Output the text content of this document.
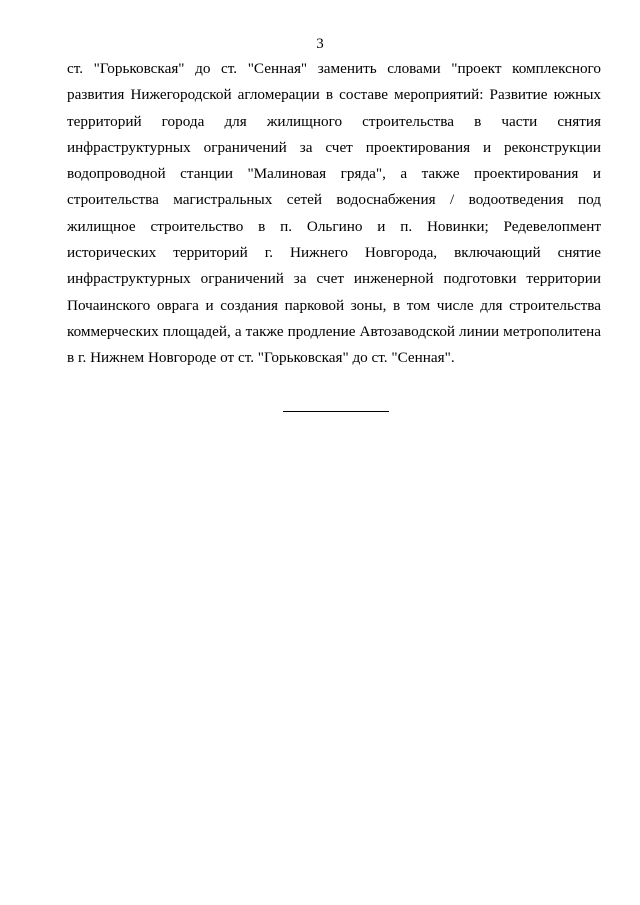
3

ст. "Горьковская" до ст. "Сенная" заменить словами "проект комплексного развития Нижегородской агломерации в составе мероприятий: Развитие южных территорий города для жилищного строительства в части снятия инфраструктурных ограничений за счет проектирования и реконструкции водопроводной станции "Малиновая гряда", а также проектирования и строительства магистральных сетей водоснабжения / водоотведения под жилищное строительство в п. Ольгино и п. Новинки; Редевелопмент исторических территорий г. Нижнего Новгорода, включающий снятие инфраструктурных ограничений за счет инженерной подготовки территории Почаинского оврага и создания парковой зоны, в том числе для строительства коммерческих площадей, а также продление Автозаводской линии метрополитена в г. Нижнем Новгороде от ст. "Горьковская" до ст. "Сенная".
